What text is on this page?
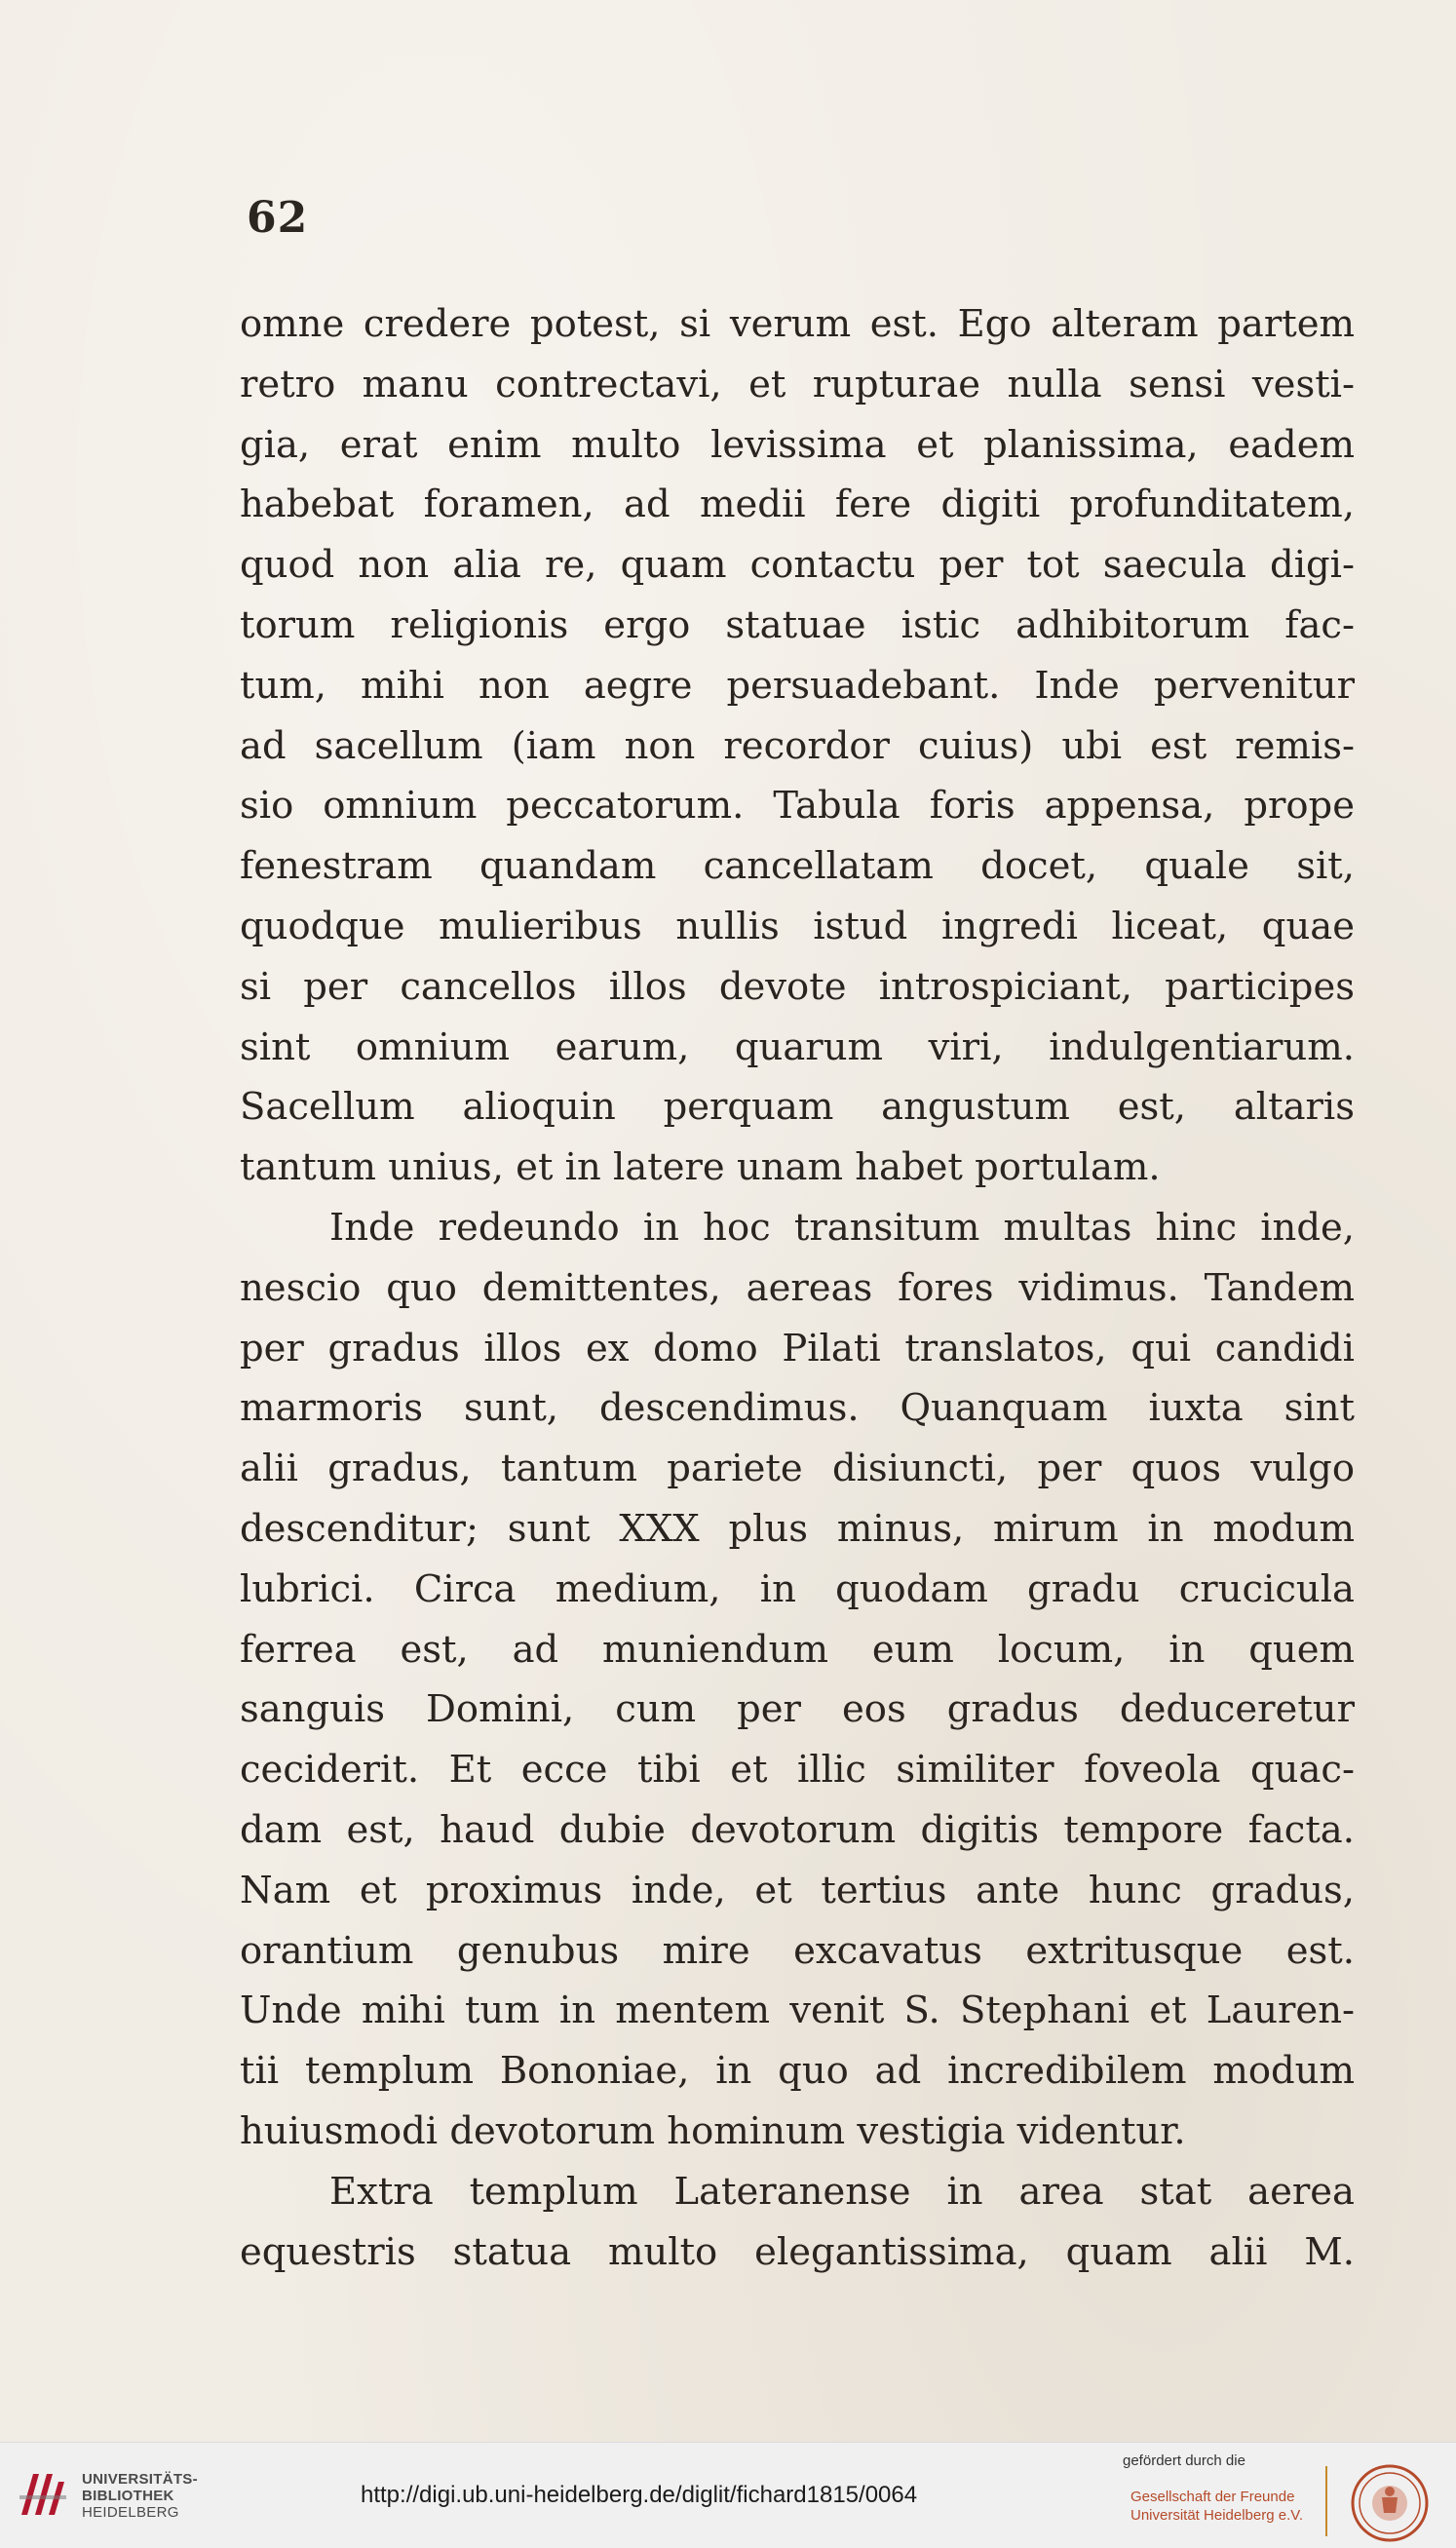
62
omne credere potest, si verum est. Ego alteram partem
retro manu contrectavi, et rupturae nulla sensi vesti-
gia, erat enim multo levissima et planissima, eadem
habebat foramen, ad medii fere digiti profunditatem,
quod non alia re, quam contactu per tot saecula digi-
torum religionis ergo statuae istic adhibitorum fac-
tum, mihi non aegre persuadebant. Inde pervenitur
ad sacellum (iam non recordor cuius) ubi est remis-
sio omnium peccatorum. Tabula foris appensa, prope
fenestram quandam cancellatam docet, quale sit,
quodque mulieribus nullis istud ingredi liceat, quae
si per cancellos illos devote introspiciant, participes
sint omnium earum, quarum viri, indulgentiarum.
Sacellum alioquin perquam angustum est, altaris
tantum unius, et in latere unam habet portulam.
Inde redeundo in hoc transitum multas hinc inde,
nescio quo demittentes, aereas fores vidimus. Tandem
per gradus illos ex domo Pilati translatos, qui candidi
marmoris sunt, descendimus. Quanquam iuxta sint
alii gradus, tantum pariete disiuncti, per quos vulgo
descenditur; sunt XXX plus minus, mirum in modum
lubrici. Circa medium, in quodam gradu crucicula
ferrea est, ad muniendum eum locum, in quem
sanguis Domini, cum per eos gradus deduceretur
ceciderit. Et ecce tibi et illic similiter foveola quac-
dam est, haud dubie devotorum digitis tempore facta.
Nam et proximus inde, et tertius ante hunc gradus,
orantium genubus mire excavatus extritusque est.
Unde mihi tum in mentem venit S. Stephani et Lauren-
tii templum Bononiae, in quo ad incredibilem modum
huiusmodi devotorum hominum vestigia videntur.
Extra templum Lateranense in area stat aerea
equestris statua multo elegantissima, quam alii M.
UNIVERSITÄTS-
BIBLIOTHEK
HEIDELBERG
http://digi.ub.uni-heidelberg.de/diglit/fichard1815/0064
gefördert durch die
Gesellschaft der Freunde
Universität Heidelberg e.V.
